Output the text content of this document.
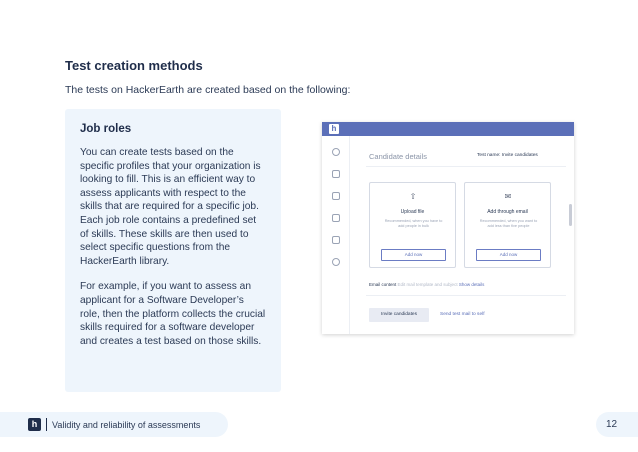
Test creation methods
The tests on HackerEarth are created based on the following:
Job roles

You can create tests based on the specific profiles that your organization is looking to fill. This is an efficient way to assess applicants with respect to the skills that are required for a specific job. Each job role contains a predefined set of skills. These skills are then used to select specific questions from the HackerEarth library.

For example, if you want to assess an applicant for a Software Developer’s role, then the platform collects the crucial skills required for a software developer and creates a test based on those skills.

h
Candidate details	Test name: Invite candidates
⇧
Upload file
Recommended, when you have to add people in bulk
Add now
✉
Add through email
Recommended, when you want to add less than five people
Add now
Email content Edit mail template and subject Show details
Invite candidates	Send test mail to self
h	Validity and reliability of assessments	12
